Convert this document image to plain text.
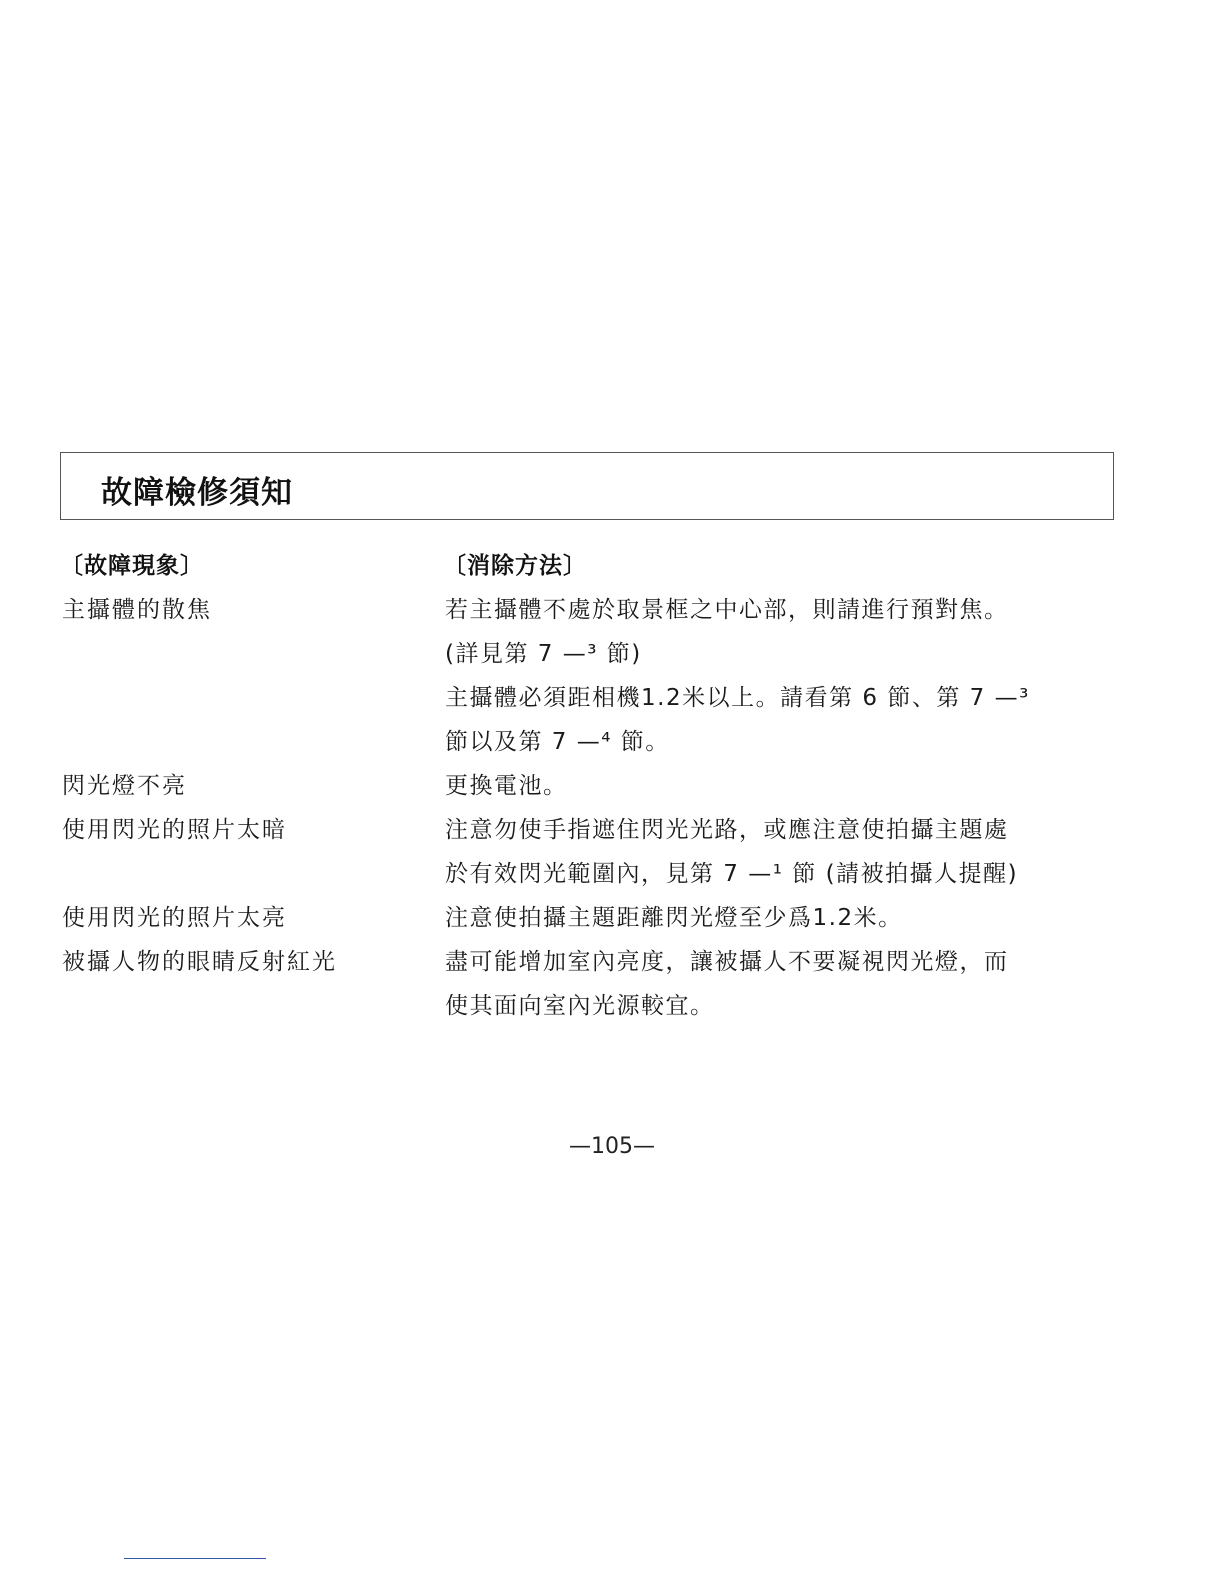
故障檢修須知
〔故障現象〕	〔消除方法〕
主攝體的散焦
閃光燈不亮
使用閃光的照片太暗
使用閃光的照片太亮
被攝人物的眼睛反射紅光
若主攝體不處於取景框之中心部，則請進行預對焦。
(詳見第 7 —³ 節)
主攝體必須距相機1.2米以上。請看第 6 節、第 7 —³
節以及第 7 —⁴ 節。
更換電池。
注意勿使手指遮住閃光光路，或應注意使拍攝主題處
於有效閃光範圍內，見第 7 —¹ 節 (請被拍攝人提醒)
注意使拍攝主題距離閃光燈至少爲1.2米。
盡可能增加室內亮度，讓被攝人不要凝視閃光燈，而
使其面向室內光源較宜。
—105—
